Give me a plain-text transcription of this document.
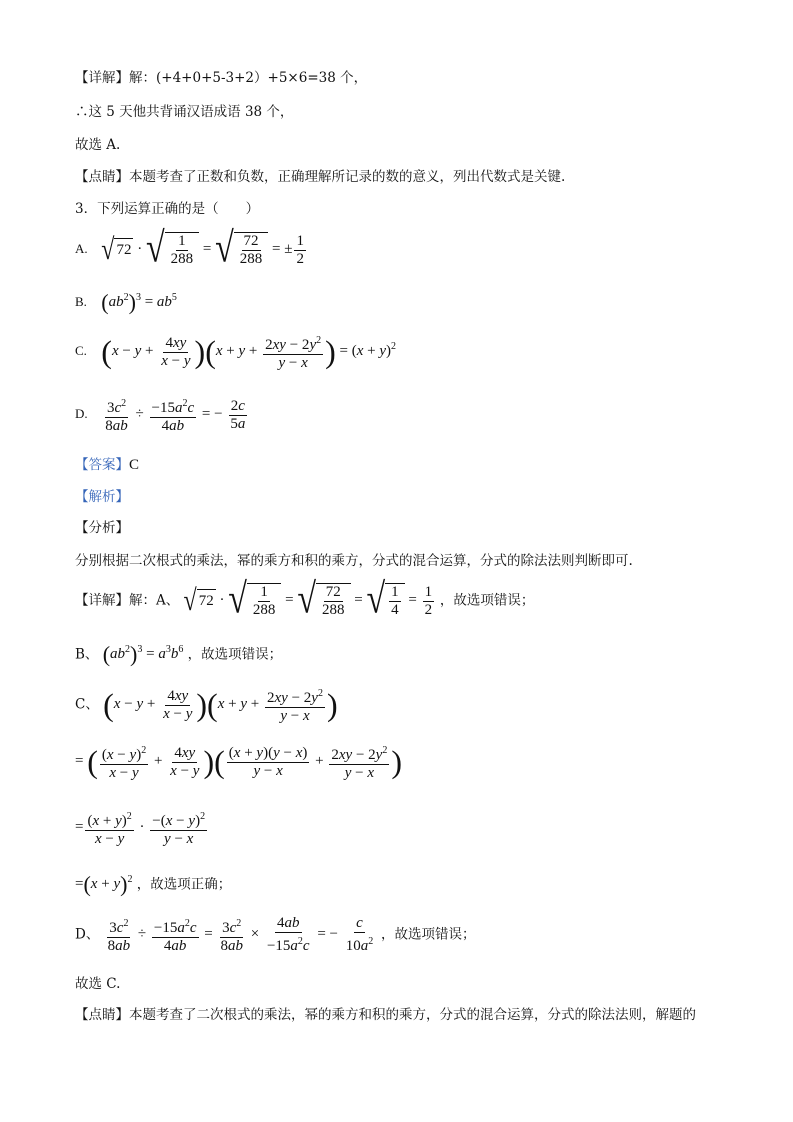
【详解】解：(+4+0+5-3+2）+5×6=38 个，
∴这 5 天他共背诵汉语成语 38 个，
故选 A.
【点睛】本题考查了正数和负数，正确理解所记录的数的意义，列出代数式是关键.
3．下列运算正确的是（　　）
A. √ 72 · √ $\frac{1}{288}$ = √ $\frac{72}{288}$ = ± $\frac{1}{2}$
B. $(ab^2)^3 = ab^5$
C. $(x - y + \frac{4xy}{x - y} )(x + y + \frac{2xy - 2y^2}{y - x}$ ) = $(x + y)^2$
D. $\frac{3c^2}{8ab} \div \frac{-15a^2c}{4ab}$ = − $\frac{2c}{5a}$
【答案】C
【解析】
【分析】
分别根据二次根式的乘法，幂的乘方和积的乘方，分式的混合运算，分式的除法法则判断即可.
【详解】解：A、 √ 72 · √ $\frac{1}{288}$ = √ $\frac{72}{288}$ = √ $\frac{1}{4} = \frac{1}{2}$ ，故选项错误；
B、 $(ab^2)^3 = a^3b^6$ ，故选项错误；
C、 $(x - y + \frac{4xy}{x - y} )(x + y + \frac{2xy - 2y^2}{y - x}$ )
= ( $\frac{(x - y)^2}{x - y} + \frac{4xy}{x - y}$ )( $\frac{(x + y)(y - x)}{y - x} + \frac{2xy - 2y^2}{y - x}$ )
= $\frac{(x + y)^2}{x - y} \cdot \frac{-(x - y)^2}{y - x}$
$=(x + y)^2$ ，故选项正确；
D、 $\frac{3c^2}{8ab} \div \frac{-15a^2c}{4ab} = \frac{3c^2}{8ab} \times \frac{4ab}{-15a^2c}$ = − $\frac{c}{10a^2}$ ，故选项错误；
故选 C.
【点睛】本题考查了二次根式的乘法，幂的乘方和积的乘方，分式的混合运算，分式的除法法则，解题的
